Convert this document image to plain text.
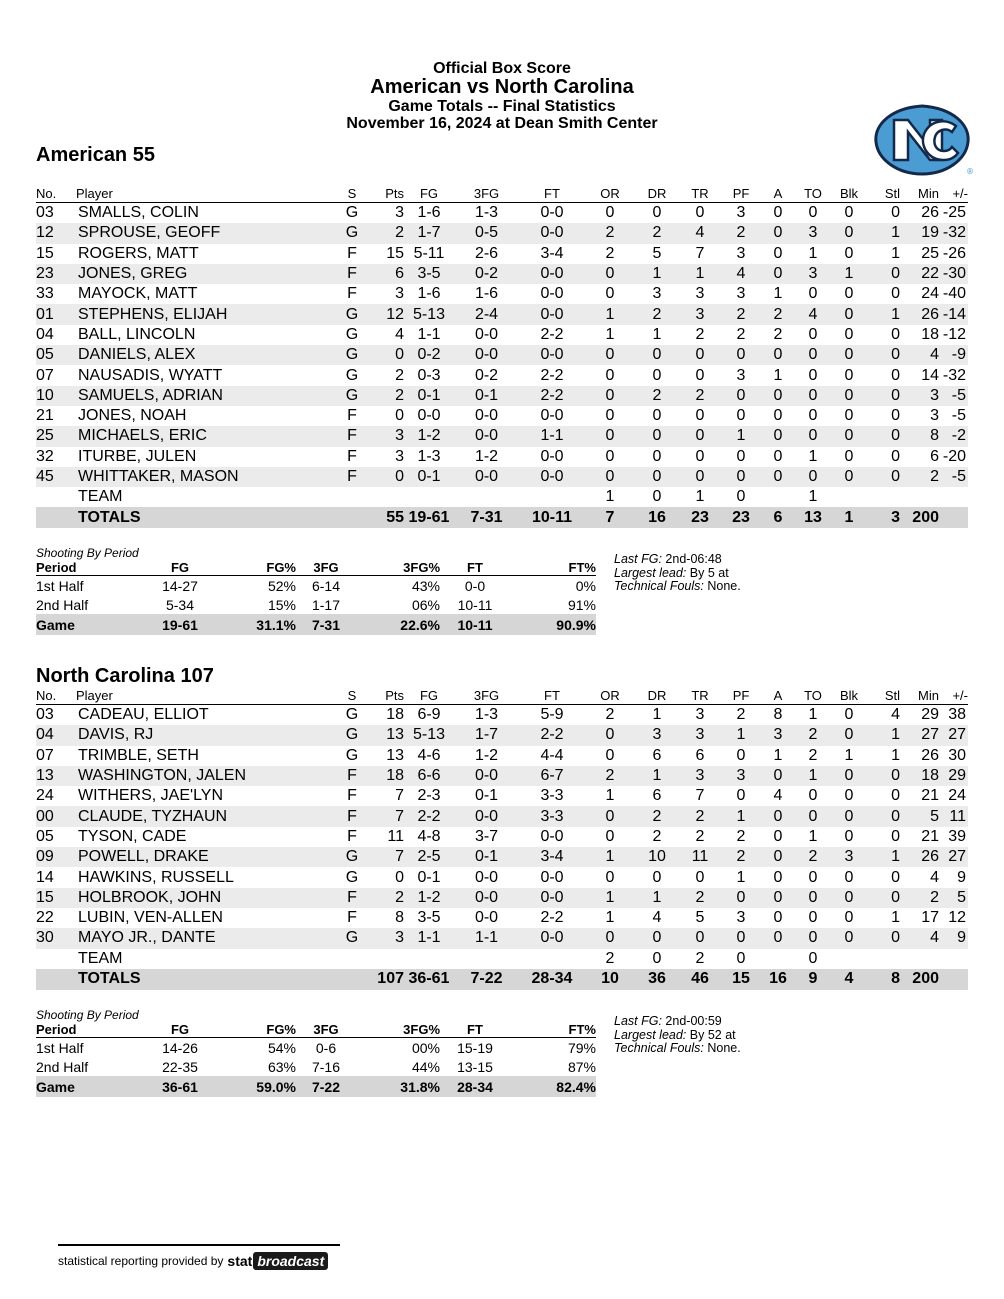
Official Box Score
American vs North Carolina
Game Totals -- Final Statistics
November 16, 2024 at Dean Smith Center
®
American 55
No.	Player	S	Pts	FG	3FG	FT	OR	DR	TR	PF	A	TO	Blk	Stl	Min	+/-
03	SMALLS, COLIN	G	3	1-6	1-3	0-0	0	0	0	3	0	0	0	0	26	-25
12	SPROUSE, GEOFF	G	2	1-7	0-5	0-0	2	2	4	2	0	3	0	1	19	-32
15	ROGERS, MATT	F	15	5-11	2-6	3-4	2	5	7	3	0	1	0	1	25	-26
23	JONES, GREG	F	6	3-5	0-2	0-0	0	1	1	4	0	3	1	0	22	-30
33	MAYOCK, MATT	F	3	1-6	1-6	0-0	0	3	3	3	1	0	0	0	24	-40
01	STEPHENS, ELIJAH	G	12	5-13	2-4	0-0	1	2	3	2	2	4	0	1	26	-14
04	BALL, LINCOLN	G	4	1-1	0-0	2-2	1	1	2	2	2	0	0	0	18	-12
05	DANIELS, ALEX	G	0	0-2	0-0	0-0	0	0	0	0	0	0	0	0	4	-9
07	NAUSADIS, WYATT	G	2	0-3	0-2	2-2	0	0	0	3	1	0	0	0	14	-32
10	SAMUELS, ADRIAN	G	2	0-1	0-1	2-2	0	2	2	0	0	0	0	0	3	-5
21	JONES, NOAH	F	0	0-0	0-0	0-0	0	0	0	0	0	0	0	0	3	-5
25	MICHAELS, ERIC	F	3	1-2	0-0	1-1	0	0	0	1	0	0	0	0	8	-2
32	ITURBE, JULEN	F	3	1-3	1-2	0-0	0	0	0	0	0	1	0	0	6	-20
45	WHITTAKER, MASON	F	0	0-1	0-0	0-0	0	0	0	0	0	0	0	0	2	-5
	TEAM						1	0	1	0		1				
	TOTALS		55	19-61	7-31	10-11	7	16	23	23	6	13	1	3	200	
Shooting By Period						
Period	FG	FG%	3FG	3FG%	FT	FT%
1st Half	14-27	52%	6-14	43%	0-0	0%
2nd Half	5-34	15%	1-17	06%	10-11	91%
Game	19-61	31.1%	7-31	22.6%	10-11	90.9%
Last FG: 2nd-06:48
Largest lead: By 5 at
Technical Fouls: None.
North Carolina 107
No.	Player	S	Pts	FG	3FG	FT	OR	DR	TR	PF	A	TO	Blk	Stl	Min	+/-
03	CADEAU, ELLIOT	G	18	6-9	1-3	5-9	2	1	3	2	8	1	0	4	29	38
04	DAVIS, RJ	G	13	5-13	1-7	2-2	0	3	3	1	3	2	0	1	27	27
07	TRIMBLE, SETH	G	13	4-6	1-2	4-4	0	6	6	0	1	2	1	1	26	30
13	WASHINGTON, JALEN	F	18	6-6	0-0	6-7	2	1	3	3	0	1	0	0	18	29
24	WITHERS, JAE'LYN	F	7	2-3	0-1	3-3	1	6	7	0	4	0	0	0	21	24
00	CLAUDE, TYZHAUN	F	7	2-2	0-0	3-3	0	2	2	1	0	0	0	0	5	11
05	TYSON, CADE	F	11	4-8	3-7	0-0	0	2	2	2	0	1	0	0	21	39
09	POWELL, DRAKE	G	7	2-5	0-1	3-4	1	10	11	2	0	2	3	1	26	27
14	HAWKINS, RUSSELL	G	0	0-1	0-0	0-0	0	0	0	1	0	0	0	0	4	9
15	HOLBROOK, JOHN	F	2	1-2	0-0	0-0	1	1	2	0	0	0	0	0	2	5
22	LUBIN, VEN-ALLEN	F	8	3-5	0-0	2-2	1	4	5	3	0	0	0	1	17	12
30	MAYO JR., DANTE	G	3	1-1	1-1	0-0	0	0	0	0	0	0	0	0	4	9
	TEAM						2	0	2	0		0				
	TOTALS		107	36-61	7-22	28-34	10	36	46	15	16	9	4	8	200	
Shooting By Period						
Period	FG	FG%	3FG	3FG%	FT	FT%
1st Half	14-26	54%	0-6	00%	15-19	79%
2nd Half	22-35	63%	7-16	44%	13-15	87%
Game	36-61	59.0%	7-22	31.8%	28-34	82.4%
Last FG: 2nd-00:59
Largest lead: By 52 at
Technical Fouls: None.
statistical reporting provided by stat broadcast
